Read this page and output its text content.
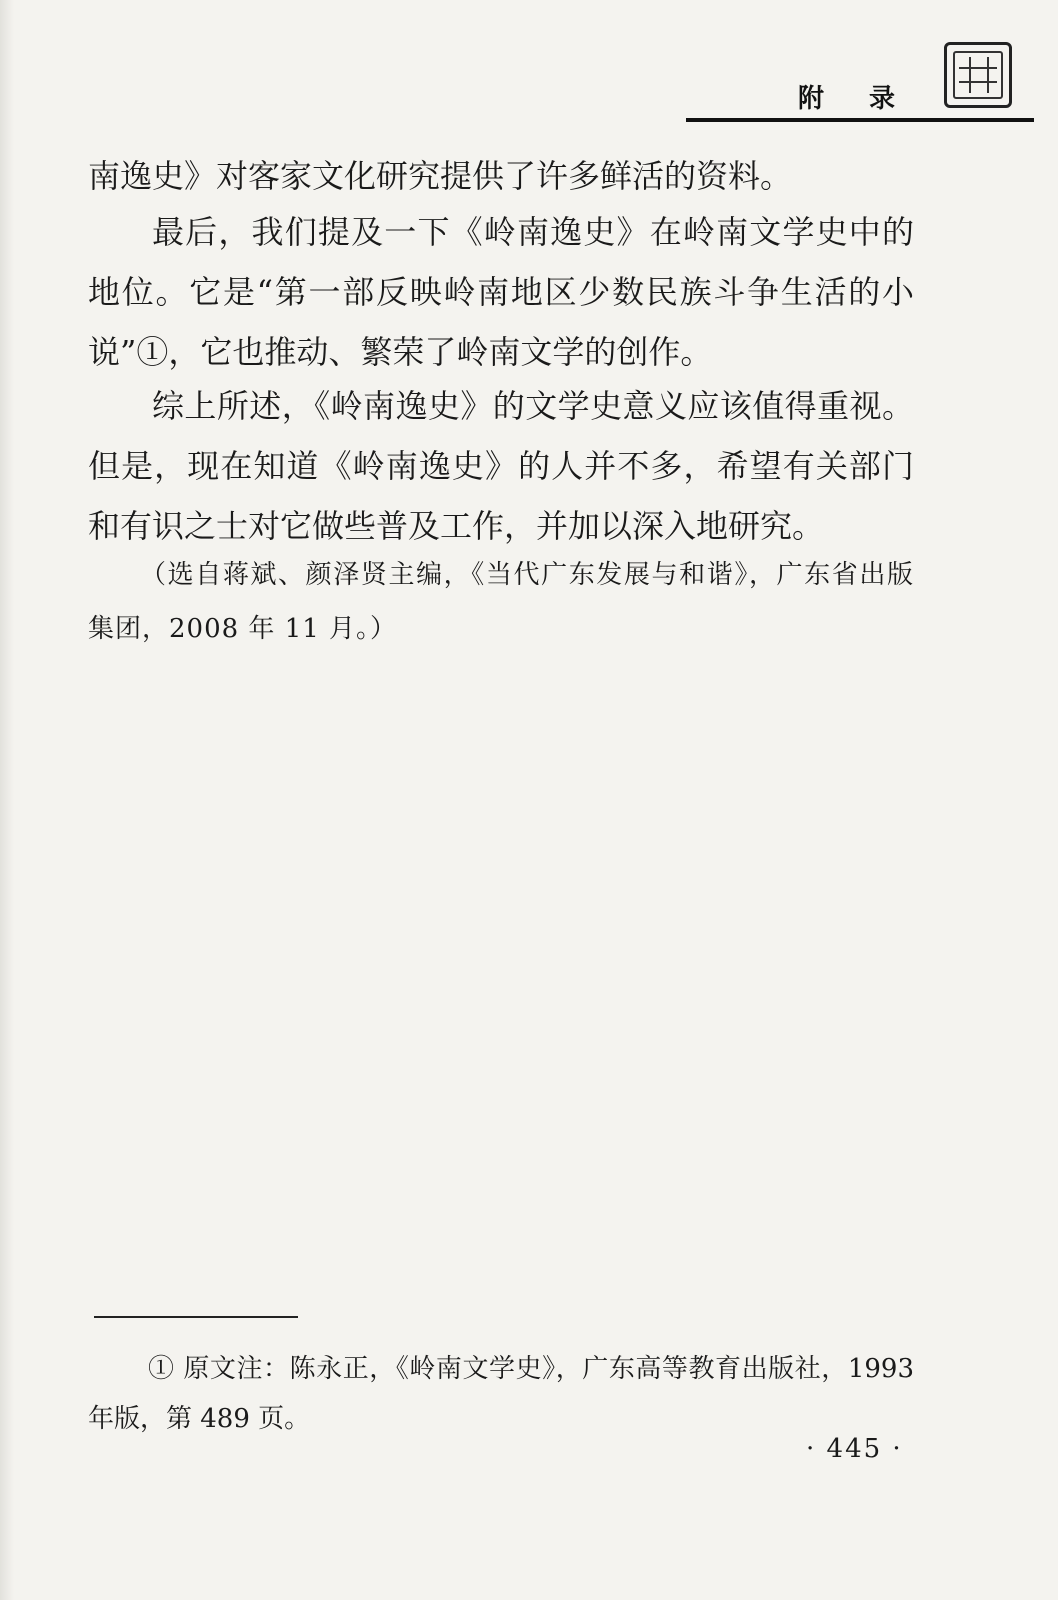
附 录

南逸史》对客家文化研究提供了许多鲜活的资料。

最后，我们提及一下《岭南逸史》在岭南文学史中的地位。它是“第一部反映岭南地区少数民族斗争生活的小说”①，它也推动、繁荣了岭南文学的创作。

综上所述，《岭南逸史》的文学史意义应该值得重视。但是，现在知道《岭南逸史》的人并不多，希望有关部门和有识之士对它做些普及工作，并加以深入地研究。

（选自蒋斌、颜泽贤主编，《当代广东发展与和谐》，广东省出版集团，2008 年 11 月。）

① 原文注：陈永正，《岭南文学史》，广东高等教育出版社，1993 年版，第 489 页。

· 445 ·
